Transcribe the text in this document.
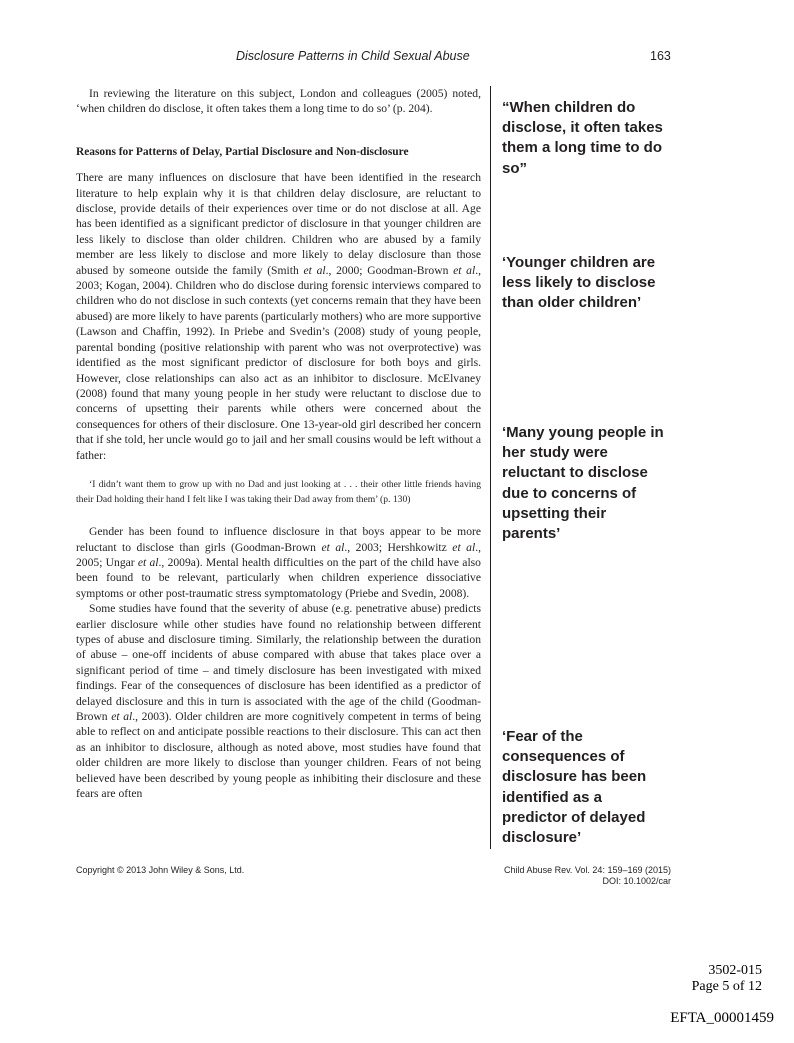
Disclosure Patterns in Child Sexual Abuse	163

In reviewing the literature on this subject, London and colleagues (2005) noted, ‘when children do disclose, it often takes them a long time to do so’ (p. 204).

Reasons for Patterns of Delay, Partial Disclosure and Non-disclosure

There are many influences on disclosure that have been identified in the research literature to help explain why it is that children delay disclosure, are reluctant to disclose, provide details of their experiences over time or do not disclose at all. Age has been identified as a significant predictor of disclosure in that younger children are less likely to disclose than older children. Children who are abused by a family member are less likely to disclose and more likely to delay disclosure than those abused by someone outside the family (Smith et al., 2000; Goodman-Brown et al., 2003; Kogan, 2004). Children who do disclose during forensic interviews compared to children who do not disclose in such contexts (yet concerns remain that they have been abused) are more likely to have parents (particularly mothers) who are more supportive (Lawson and Chaffin, 1992). In Priebe and Svedin’s (2008) study of young people, parental bonding (positive relationship with parent who was not overprotective) was identified as the most significant predictor of disclosure for both boys and girls. However, close relationships can also act as an inhibitor to disclosure. McElvaney (2008) found that many young people in her study were reluctant to disclose due to concerns of upsetting their parents while others were concerned about the consequences for others of their disclosure. One 13-year-old girl described her concern that if she told, her uncle would go to jail and her small cousins would be left without a father:

‘I didn’t want them to grow up with no Dad and just looking at . . . their other little friends having their Dad holding their hand I felt like I was taking their Dad away from them’ (p. 130)

Gender has been found to influence disclosure in that boys appear to be more reluctant to disclose than girls (Goodman-Brown et al., 2003; Hershkowitz et al., 2005; Ungar et al., 2009a). Mental health difficulties on the part of the child have also been found to be relevant, particularly when children experience dissociative symptoms or other post-traumatic stress symptomatology (Priebe and Svedin, 2008).

Some studies have found that the severity of abuse (e.g. penetrative abuse) predicts earlier disclosure while other studies have found no relationship between different types of abuse and disclosure timing. Similarly, the relationship between the duration of abuse – one-off incidents of abuse compared with abuse that takes place over a significant period of time – and timely disclosure has been investigated with mixed findings. Fear of the consequences of disclosure has been identified as a predictor of delayed disclosure and this in turn is associated with the age of the child (Goodman-Brown et al., 2003). Older children are more cognitively competent in terms of being able to reflect on and anticipate possible reactions to their disclosure. This can act then as an inhibitor to disclosure, although as noted above, most studies have found that older children are more likely to disclose than younger children. Fears of not being believed have been described by young people as inhibiting their disclosure and these fears are often

“When children do disclose, it often takes them a long time to do so”
‘Younger children are less likely to disclose than older children’
‘Many young people in her study were reluctant to disclose due to concerns of upsetting their parents’
‘Fear of the consequences of disclosure has been identified as a predictor of delayed disclosure’
Copyright © 2013 John Wiley & Sons, Ltd.	Child Abuse Rev. Vol. 24: 159–169 (2015)
DOI: 10.1002/car
3502-015
Page 5 of 12
EFTA_00001459
